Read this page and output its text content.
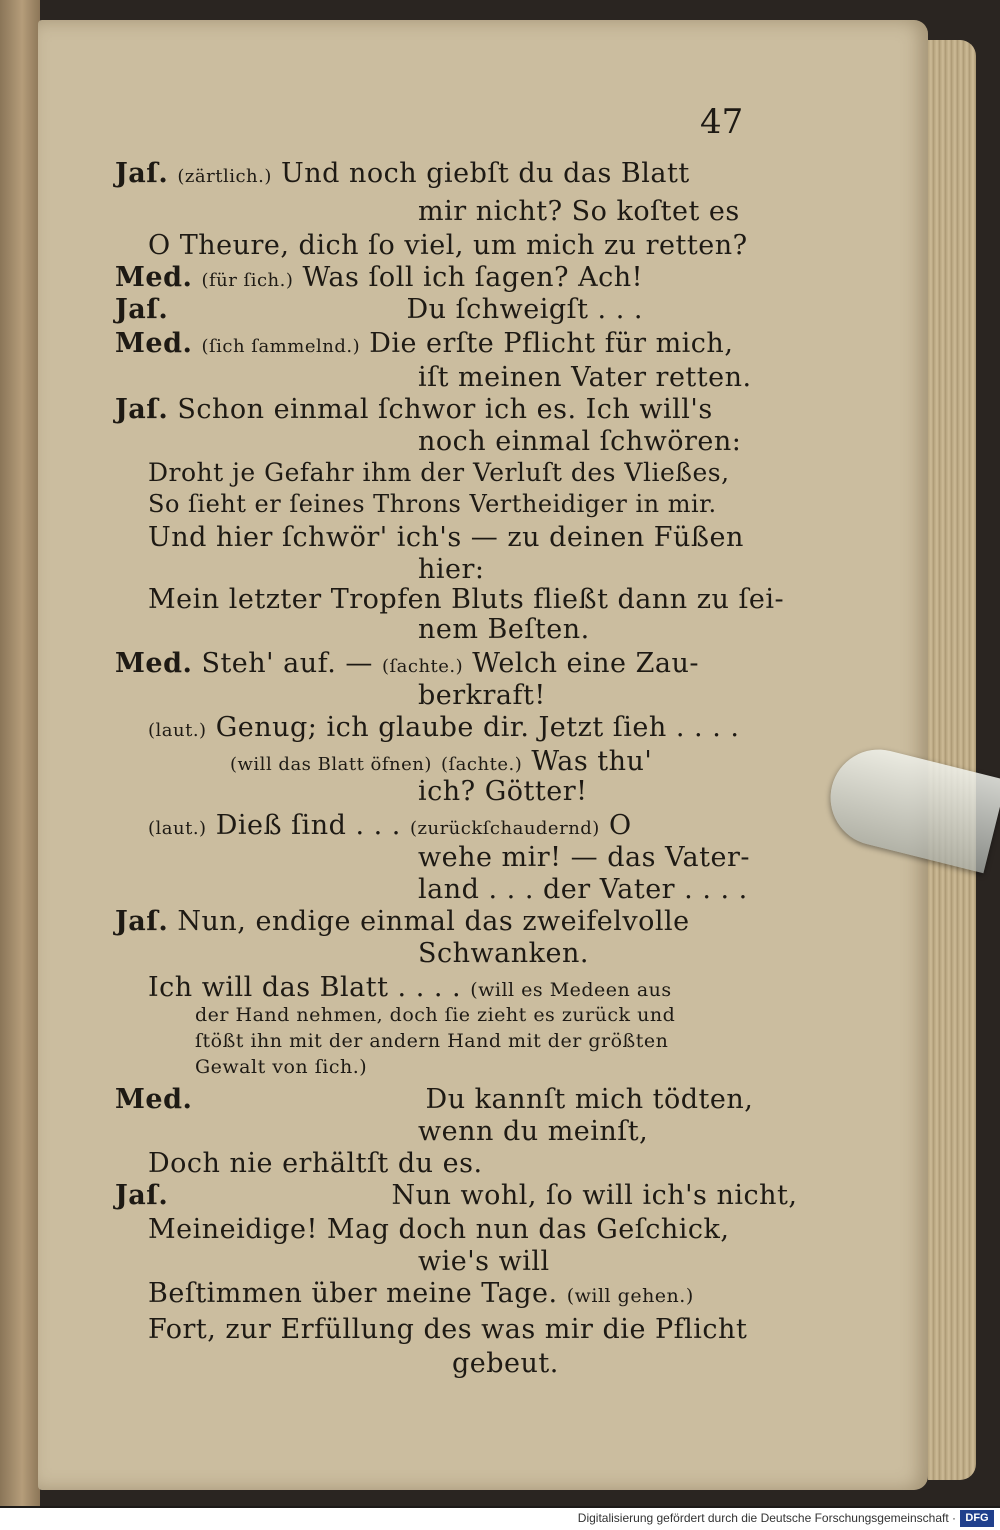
47
Jaſ. (zärtlich.) Und noch giebſt du das Blatt
mir nicht? So koſtet es
O Theure, dich ſo viel, um mich zu retten?
Med. (für ſich.) Was ſoll ich ſagen? Ach!
Jaſ.	Du ſchweigſt . . .
Med. (ſich ſammelnd.) Die erſte Pflicht für mich,
iſt meinen Vater retten.
Jaſ. Schon einmal ſchwor ich es. Ich will's
noch einmal ſchwören:
Droht je Gefahr ihm der Verluſt des Vließes,
So ſieht er ſeines Throns Vertheidiger in mir.
Und hier ſchwör' ich's — zu deinen Füßen
hier:
Mein letzter Tropfen Bluts fließt dann zu ſei-
nem Beſten.
Med. Steh' auf. — (ſachte.) Welch eine Zau-
berkraft!
(laut.) Genug; ich glaube dir. Jetzt ſieh . . . .
(will das Blatt öfnen) (ſachte.) Was thu'
ich? Götter!
(laut.) Dieß ſind . . . (zurückſchaudernd) O
wehe mir! — das Vater-
land . . . der Vater . . . .
Jaſ. Nun, endige einmal das zweifelvolle
Schwanken.
Ich will das Blatt . . . . (will es Medeen aus
der Hand nehmen, doch ſie zieht es zurück und
ſtößt ihn mit der andern Hand mit der größten
Gewalt von ſich.)
Med.	Du kannſt mich tödten,
wenn du meinſt,
Doch nie erhältſt du es.
Jaſ.	Nun wohl, ſo will ich's nicht,
Meineidige! Mag doch nun das Geſchick,
wie's will
Beſtimmen über meine Tage. (will gehen.)
Fort, zur Erfüllung des was mir die Pflicht
gebeut.
Digitalisierung gefördert durch die Deutsche Forschungsgemeinschaft · DFG
